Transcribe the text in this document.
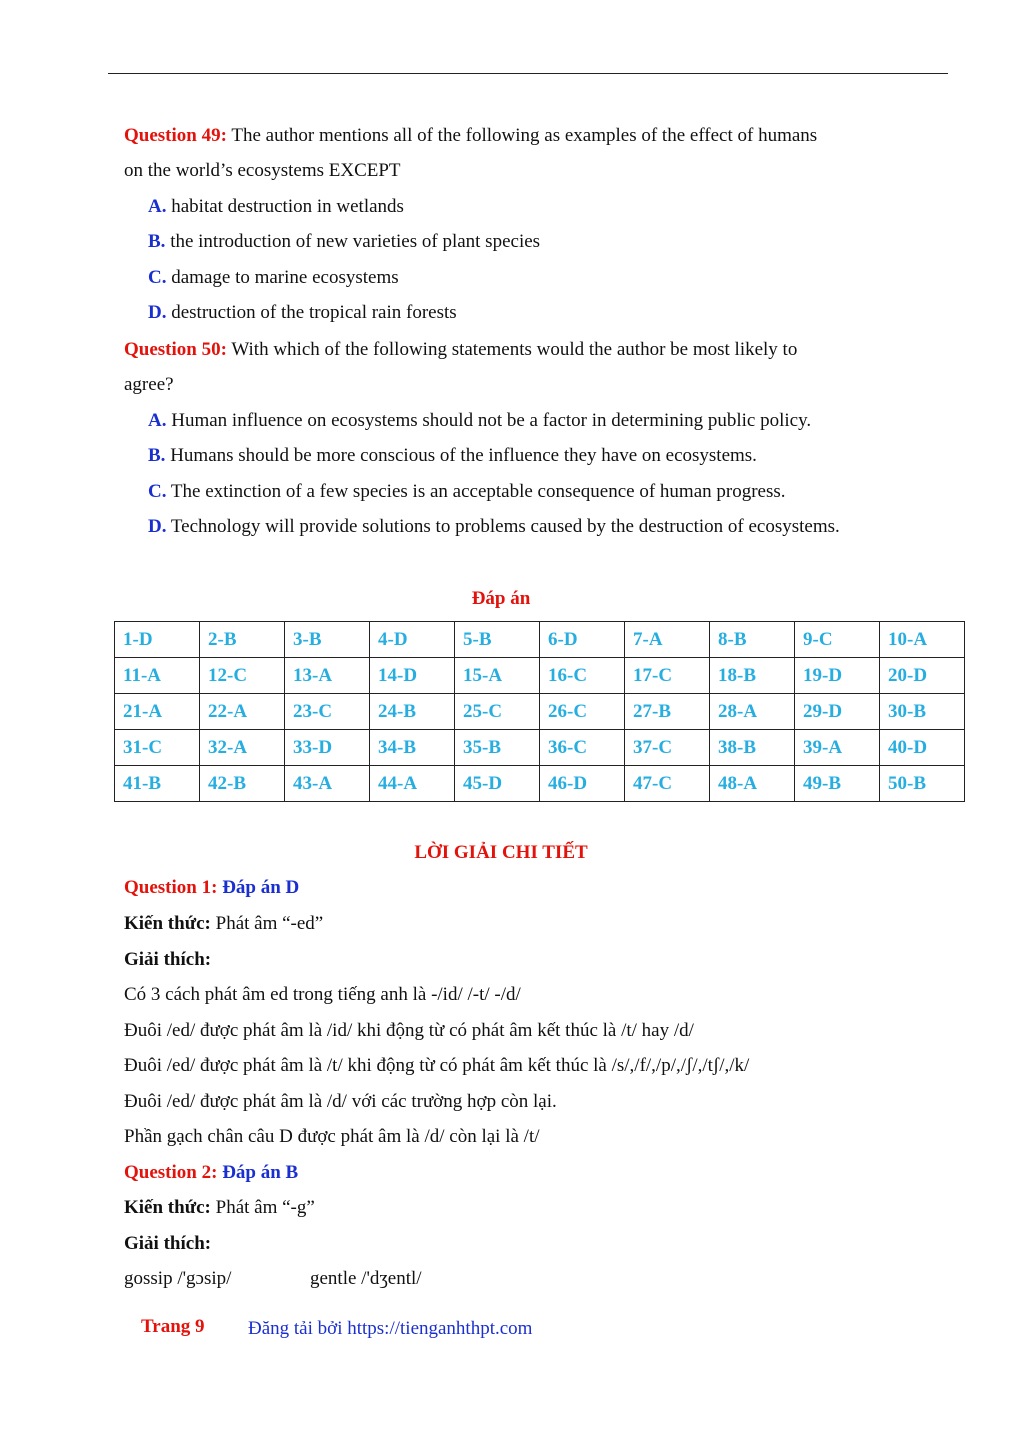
Question 49: The author mentions all of the following as examples of the effect of humans
on the world’s ecosystems EXCEPT
A. habitat destruction in wetlands
B. the introduction of new varieties of plant species
C. damage to marine ecosystems
D. destruction of the tropical rain forests
Question 50: With which of the following statements would the author be most likely to
agree?
A. Human influence on ecosystems should not be a factor in determining public policy.
B. Humans should be more conscious of the influence they have on ecosystems.
C. The extinction of a few species is an acceptable consequence of human progress.
D. Technology will provide solutions to problems caused by the destruction of ecosystems.
Đáp án
1-D	2-B	3-B	4-D	5-B	6-D	7-A	8-B	9-C	10-A
11-A	12-C	13-A	14-D	15-A	16-C	17-C	18-B	19-D	20-D
21-A	22-A	23-C	24-B	25-C	26-C	27-B	28-A	29-D	30-B
31-C	32-A	33-D	34-B	35-B	36-C	37-C	38-B	39-A	40-D
41-B	42-B	43-A	44-A	45-D	46-D	47-C	48-A	49-B	50-B
LỜI GIẢI CHI TIẾT
Question 1: Đáp án D
Kiến thức: Phát âm “-ed”
Giải thích:
Có 3 cách phát âm ed trong tiếng anh là -/id/ /-t/ -/d/
Đuôi /ed/ được phát âm là /id/ khi động từ có phát âm kết thúc là /t/ hay /d/
Đuôi /ed/ được phát âm là /t/ khi động từ có phát âm kết thúc là /s/,/f/,/p/,/ʃ/,/tʃ/,/k/
Đuôi /ed/ được phát âm là /d/ với các trường hợp còn lại.
Phần gạch chân câu D được phát âm là /d/ còn lại là /t/
Question 2: Đáp án B
Kiến thức: Phát âm “-g”
Giải thích:
gossip /'gɔsip/	gentle /'dʒentl/
Trang 9 Đăng tải bởi https://tienganhthpt.com
